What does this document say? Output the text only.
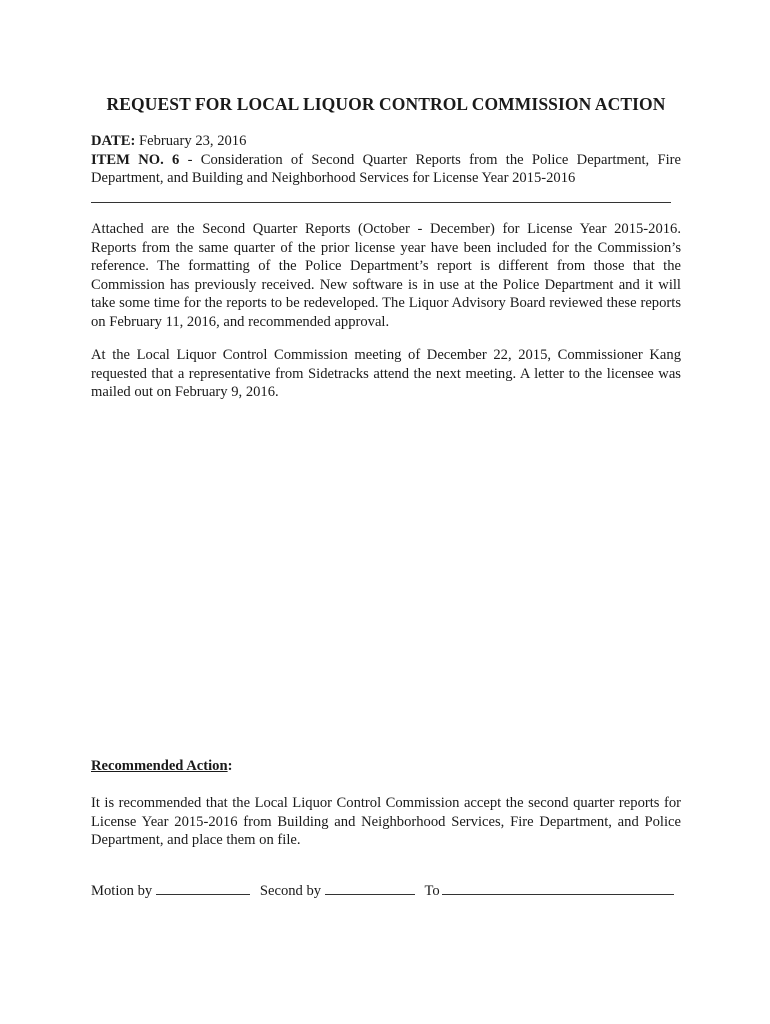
REQUEST FOR LOCAL LIQUOR CONTROL COMMISSION ACTION
DATE: February 23, 2016
ITEM NO. 6 - Consideration of Second Quarter Reports from the Police Department, Fire Department, and Building and Neighborhood Services for License Year 2015-2016

Attached are the Second Quarter Reports (October - December) for License Year 2015-2016. Reports from the same quarter of the prior license year have been included for the Commission’s reference. The formatting of the Police Department’s report is different from those that the Commission has previously received. New software is in use at the Police Department and it will take some time for the reports to be redeveloped. The Liquor Advisory Board reviewed these reports on February 11, 2016, and recommended approval.

At the Local Liquor Control Commission meeting of December 22, 2015, Commissioner Kang requested that a representative from Sidetracks attend the next meeting. A letter to the licensee was mailed out on February 9, 2016.

Recommended Action:

It is recommended that the Local Liquor Control Commission accept the second quarter reports for License Year 2015-2016 from Building and Neighborhood Services, Fire Department, and Police Department, and place them on file.

Motion by	Second by	To
